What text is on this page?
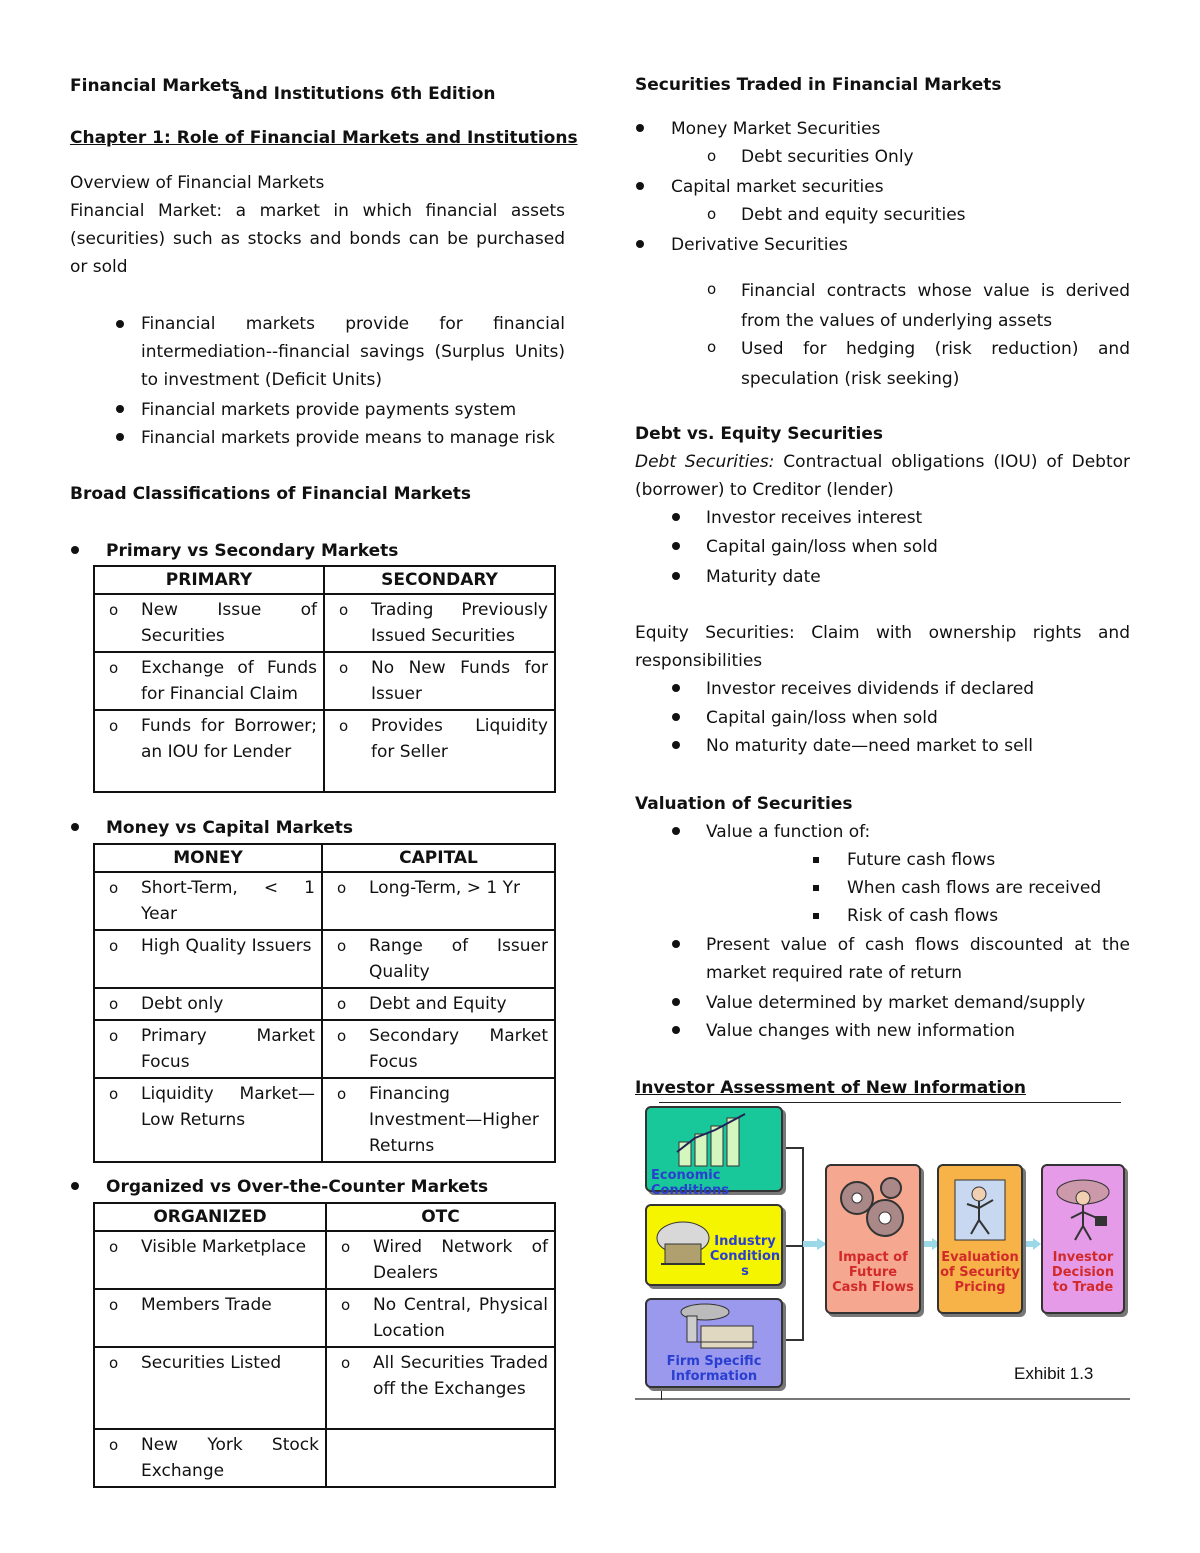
Financial Markets
and Institutions 6th Edition
Chapter 1: Role of Financial Markets and Institutions
Overview of Financial Markets
Financial Market: a market in which financial assets (securities) such as stocks and bonds can be purchased or sold
Financial markets provide for financial intermediation--financial savings (Surplus Units) to investment (Deficit Units)
Financial markets provide payments system
Financial markets provide means to manage risk
Broad Classifications of Financial Markets
Primary vs Secondary Markets
PRIMARY	SECONDARY

o New Issue of Securities	o Trading Previously Issued Securities

o Exchange of Funds for Financial Claim	o No New Funds for Issuer

o Funds for Borrower; an IOU for Lender	o Provides Liquidity for Seller
Money vs Capital Markets
MONEY	CAPITAL

o Short-Term, < 1 Year	o Long-Term, > 1 Yr

o High Quality Issuers	o Range of Issuer Quality

o Debt only	o Debt and Equity

o Primary Market Focus	o Secondary Market Focus

o Liquidity Market—Low Returns	o Financing Investment—Higher Returns
Organized vs Over-the-Counter Markets
ORGANIZED	OTC

o Visible Marketplace	o Wired Network of Dealers

o Members Trade	o No Central, Physical Location

o Securities Listed	o All Securities Traded off the Exchanges

o New York Stock Exchange	

Securities Traded in Financial Markets
Money Market Securities
o Debt securities Only
Capital market securities
o Debt and equity securities
Derivative Securities
o Financial contracts whose value is derived from the values of underlying assets
o Used for hedging (risk reduction) and speculation (risk seeking)
Debt vs. Equity Securities
Debt Securities: Contractual obligations (IOU) of Debtor (borrower) to Creditor (lender)
Investor receives interest
Capital gain/loss when sold
Maturity date
Equity Securities: Claim with ownership rights and responsibilities
Investor receives dividends if declared
Capital gain/loss when sold
No maturity date—need market to sell
Valuation of Securities
Value a function of:
Future cash flows
When cash flows are received
Risk of cash flows
Present value of cash flows discounted at the market required rate of return
Value determined by market demand/supply
Value changes with new information
Investor Assessment of New Information
Economic Conditions
Industry Condition s
Firm Specific Information
Impact of Future Cash Flows
Evaluation of Security Pricing
Investor Decision to Trade
Exhibit 1.3
